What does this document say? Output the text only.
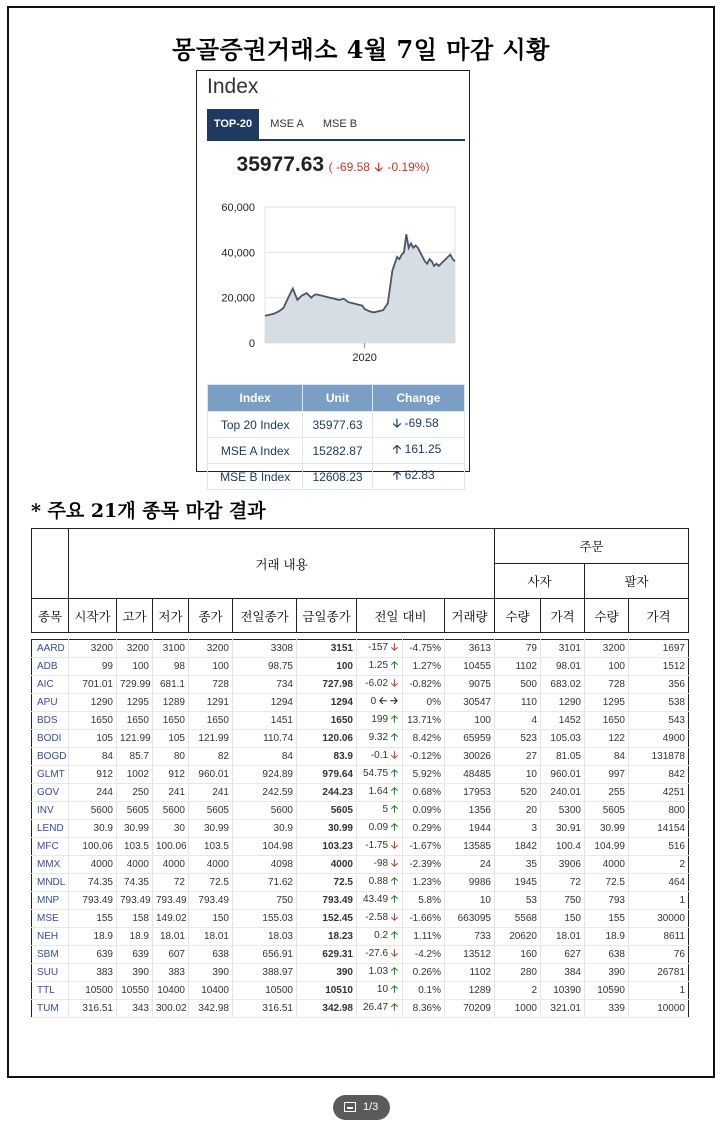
몽골증권거래소 4월 7일 마감 시황
Index
TOP-20	MSE A	MSE B
35977.63 ( -69.58 🡣 -0.19%)
60,000
40,000
20,000
0
2020
Index	Unit	Change
Top 20 Index	35977.63	🡣 -69.58
MSE A Index	15282.87	🡡 161.25
MSE B Index	12608.23	🡡 62.83
* 주요 21개 종목 마감 결과
	거래 내용								주문			
									사자		팔자	
종목	시작가	고가	저가	종가	전일종가	금일종가	전일 대비	거래량	수량	가격	수량	가격
AARD	3200	3200	3100	3200	3308	3151	-157 🡣	-4.75%	3613	79	3101	3200	1697
ADB	99	100	98	100	98.75	100	1.25 🡡	1.27%	10455	1102	98.01	100	1512
AIC	701.01	729.99	681.1	728	734	727.98	-6.02 🡣	-0.82%	9075	500	683.02	728	356
APU	1290	1295	1289	1291	1294	1294	0 🡠 🡢	0%	30547	110	1290	1295	538
BDS	1650	1650	1650	1650	1451	1650	199 🡡	13.71%	100	4	1452	1650	543
BODI	105	121.99	105	121.99	110.74	120.06	9.32 🡡	8.42%	65959	523	105.03	122	4900
BOGD	84	85.7	80	82	84	83.9	-0.1 🡣	-0.12%	30026	27	81.05	84	131878
GLMT	912	1002	912	960.01	924.89	979.64	54.75 🡡	5.92%	48485	10	960.01	997	842
GOV	244	250	241	241	242.59	244.23	1.64 🡡	0.68%	17953	520	240.01	255	4251
INV	5600	5605	5600	5605	5600	5605	5 🡡	0.09%	1356	20	5300	5605	800
LEND	30.9	30.99	30	30.99	30.9	30.99	0.09 🡡	0.29%	1944	3	30.91	30.99	14154
MFC	100.06	103.5	100.06	103.5	104.98	103.23	-1.75 🡣	-1.67%	13585	1842	100.4	104.99	516
MMX	4000	4000	4000	4000	4098	4000	-98 🡣	-2.39%	24	35	3906	4000	2
MNDL	74.35	74.35	72	72.5	71.62	72.5	0.88 🡡	1.23%	9986	1945	72	72.5	464
MNP	793.49	793.49	793.49	793.49	750	793.49	43.49 🡡	5.8%	10	53	750	793	1
MSE	155	158	149.02	150	155.03	152.45	-2.58 🡣	-1.66%	663095	5568	150	155	30000
NEH	18.9	18.9	18.01	18.01	18.03	18.23	0.2 🡡	1.11%	733	20620	18.01	18.9	8611
SBM	639	639	607	638	656.91	629.31	-27.6 🡣	-4.2%	13512	160	627	638	76
SUU	383	390	383	390	388.97	390	1.03 🡡	0.26%	1102	280	384	390	26781
TTL	10500	10550	10400	10400	10500	10510	10 🡡	0.1%	1289	2	10390	10590	1
TUM	316.51	343	300.02	342.98	316.51	342.98	26.47 🡡	8.36%	70209	1000	321.01	339	10000
1/3
